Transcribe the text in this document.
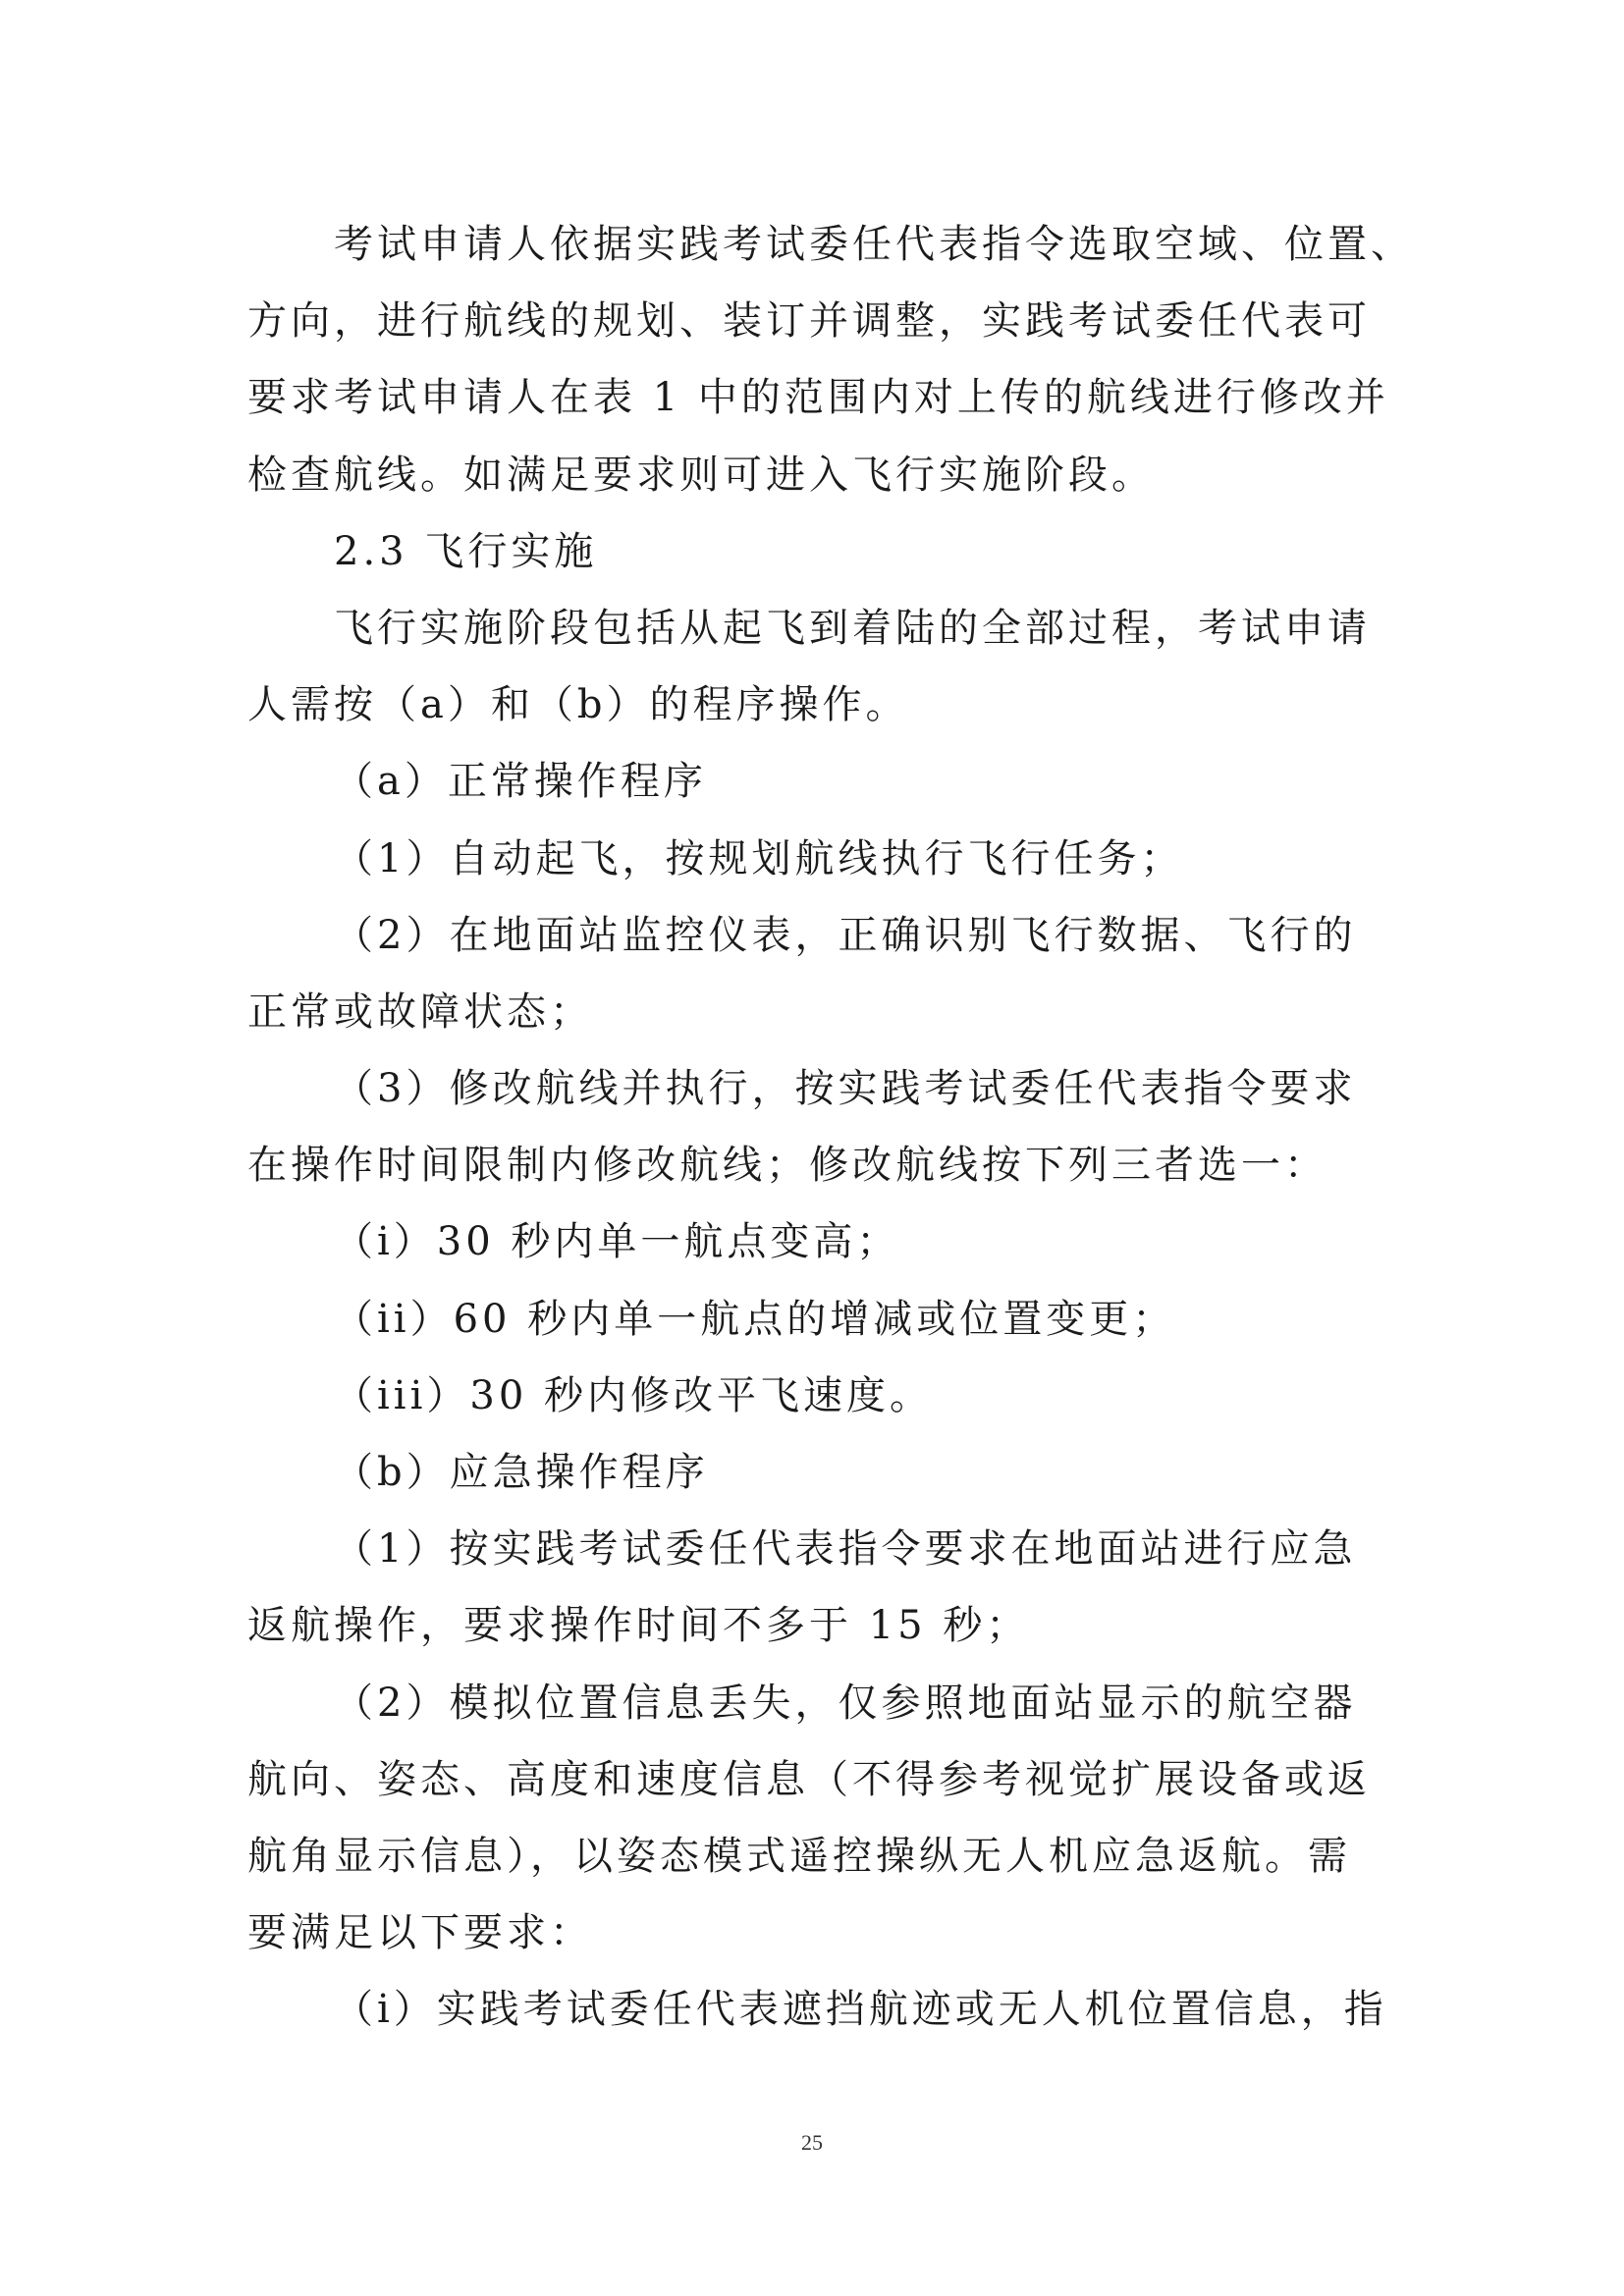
考试申请人依据实践考试委任代表指令选取空域、位置、
方向，进行航线的规划、装订并调整，实践考试委任代表可
要求考试申请人在表 1 中的范围内对上传的航线进行修改并
检查航线。如满足要求则可进入飞行实施阶段。
2.3 飞行实施
飞行实施阶段包括从起飞到着陆的全部过程，考试申请
人需按（a）和（b）的程序操作。
（a）正常操作程序
（1）自动起飞，按规划航线执行飞行任务；
（2）在地面站监控仪表，正确识别飞行数据、飞行的
正常或故障状态；
（3）修改航线并执行，按实践考试委任代表指令要求
在操作时间限制内修改航线；修改航线按下列三者选一：
（i）30 秒内单一航点变高；
（ii）60 秒内单一航点的增减或位置变更；
（iii）30 秒内修改平飞速度。
（b）应急操作程序
（1）按实践考试委任代表指令要求在地面站进行应急
返航操作，要求操作时间不多于 15 秒；
（2）模拟位置信息丢失，仅参照地面站显示的航空器
航向、姿态、高度和速度信息（不得参考视觉扩展设备或返
航角显示信息），以姿态模式遥控操纵无人机应急返航。需
要满足以下要求：
（i）实践考试委任代表遮挡航迹或无人机位置信息，指
25
